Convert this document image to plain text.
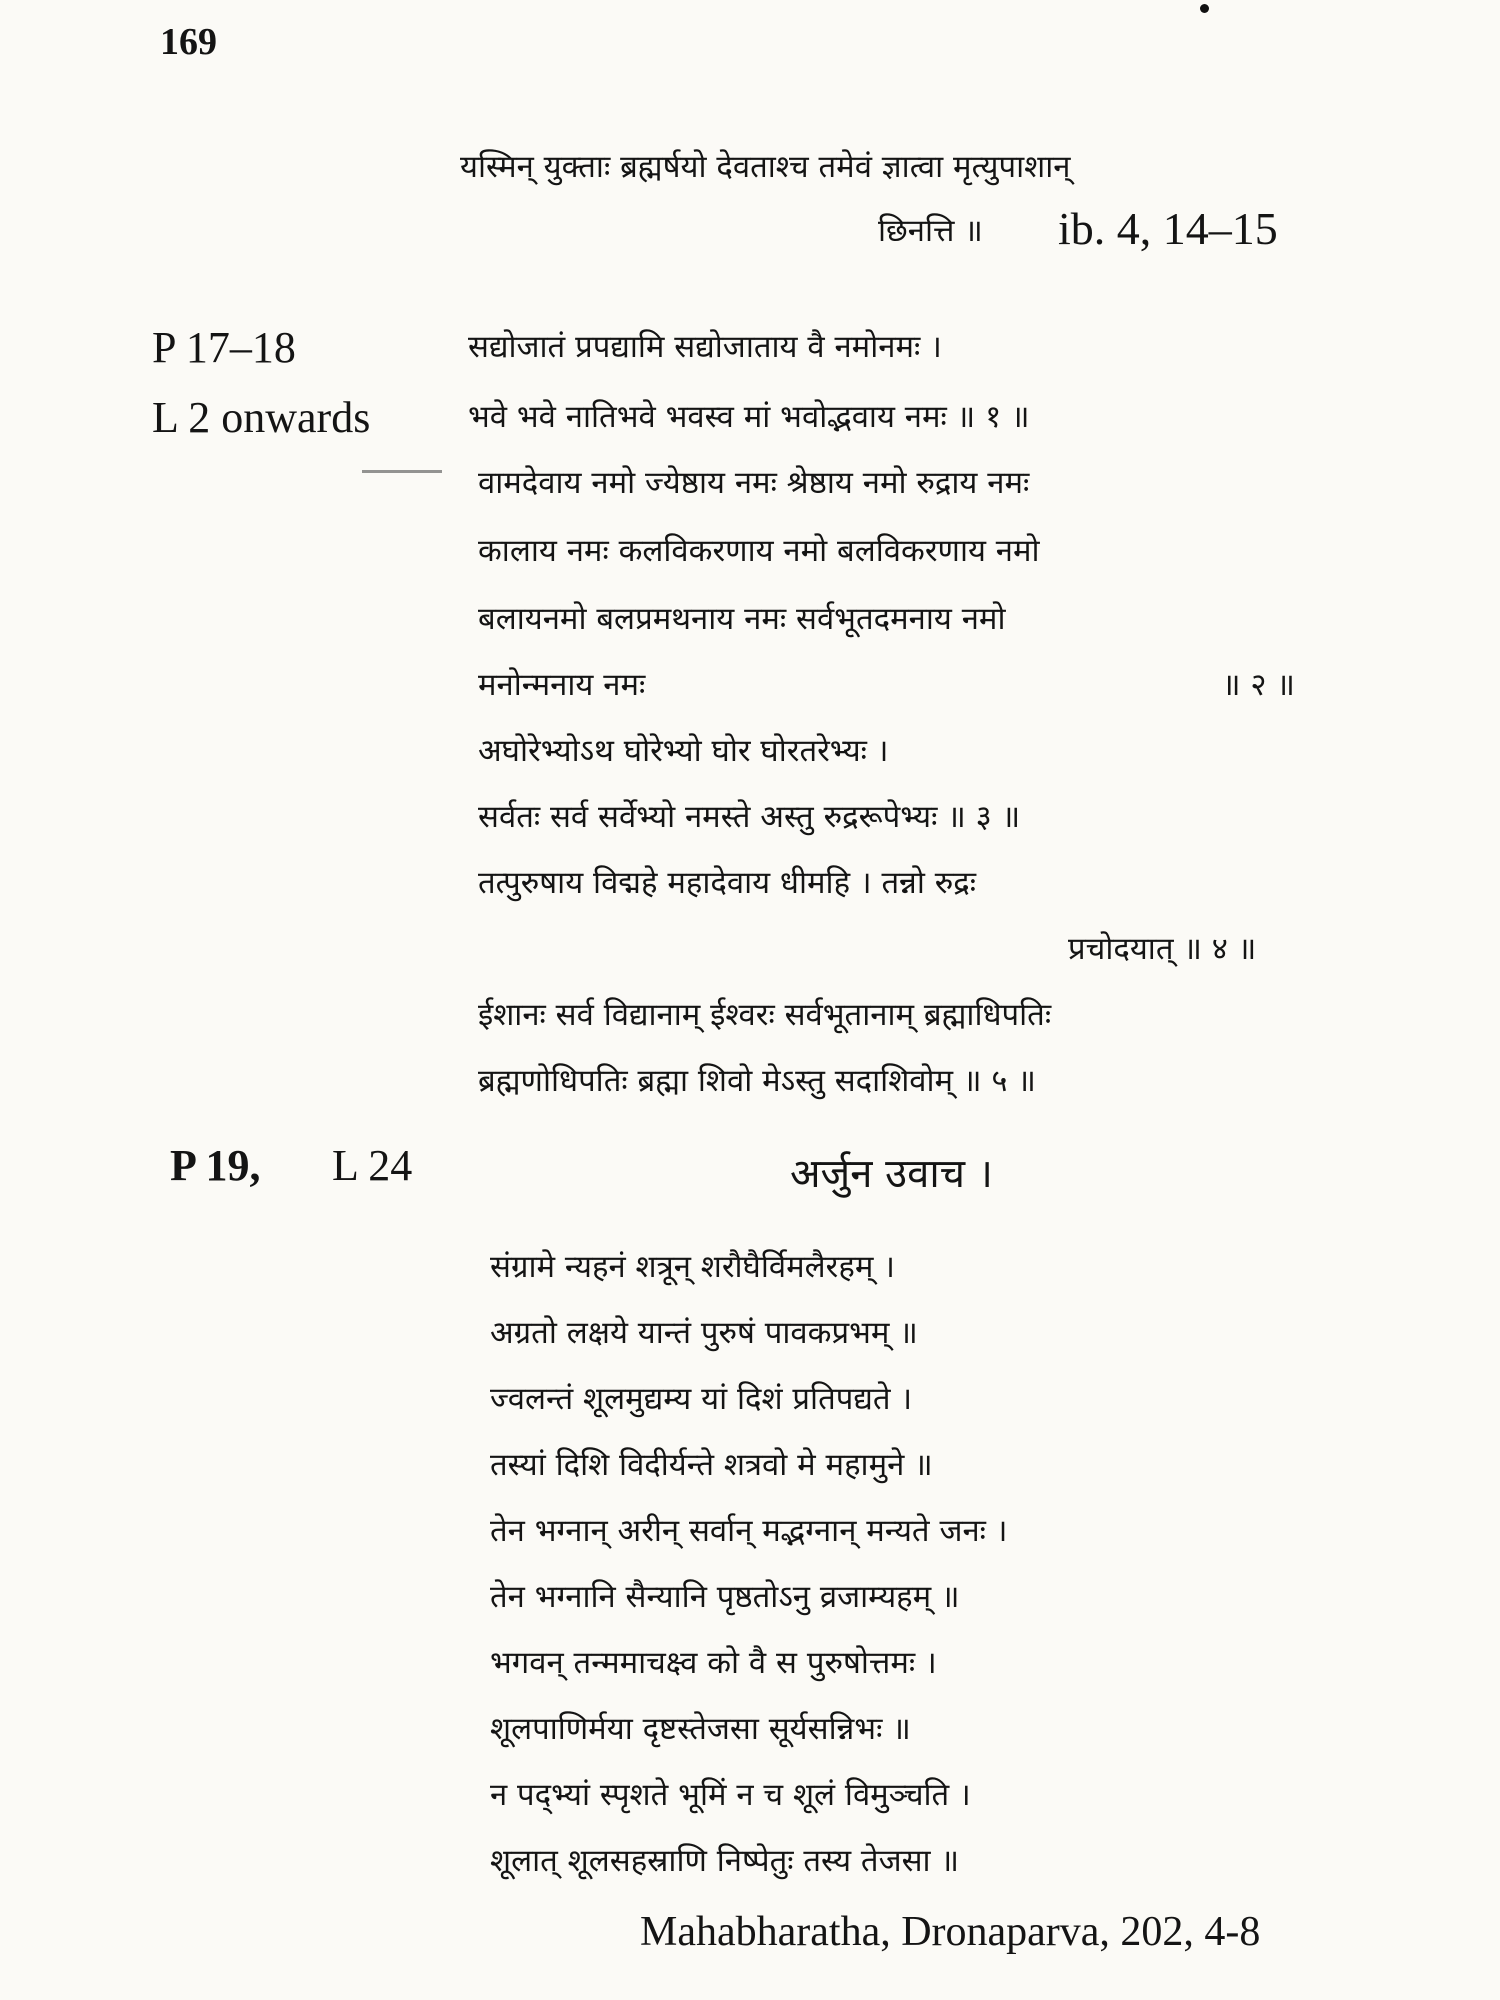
169
यस्मिन् युक्ताः ब्रह्मर्षयो देवताश्च तमेवं ज्ञात्वा मृत्युपाशान्
छिनत्ति ॥ ib. 4, 14–15
P 17–18
L 2 onwards
सद्योजातं प्रपद्यामि सद्योजाताय वै नमोनमः ।
भवे भवे नातिभवे भवस्व मां भवोद्भवाय नमः ॥ १ ॥
वामदेवाय नमो ज्येष्ठाय नमः श्रेष्ठाय नमो रुद्राय नमः
कालाय नमः कलविकरणाय नमो बलविकरणाय नमो
बलायनमो बलप्रमथनाय नमः सर्वभूतदमनाय नमो
मनोन्मनाय नमः	॥ २ ॥
अघोरेभ्योऽथ घोरेभ्यो घोर घोरतरेभ्यः ।
सर्वतः सर्व सर्वेभ्यो नमस्ते अस्तु रुद्ररूपेभ्यः ॥ ३ ॥
तत्पुरुषाय विद्महे महादेवाय धीमहि । तन्नो रुद्रः
प्रचोदयात् ॥ ४ ॥
ईशानः सर्व विद्यानाम् ईश्वरः सर्वभूतानाम् ब्रह्माधिपतिः
ब्रह्मणोधिपतिः ब्रह्मा शिवो मेऽस्तु सदाशिवोम् ॥ ५ ॥
P 19, L 24	अर्जुन उवाच ।
संग्रामे न्यहनं शत्रून् शरौघैर्विमलैरहम् ।
अग्रतो लक्षये यान्तं पुरुषं पावकप्रभम् ॥
ज्वलन्तं शूलमुद्यम्य यां दिशं प्रतिपद्यते ।
तस्यां दिशि विदीर्यन्ते शत्रवो मे महामुने ॥
तेन भग्नान् अरीन् सर्वान् मद्भग्नान् मन्यते जनः ।
तेन भग्नानि सैन्यानि पृष्ठतोऽनु व्रजाम्यहम् ॥
भगवन् तन्ममाचक्ष्व को वै स पुरुषोत्तमः ।
शूलपाणिर्मया दृष्टस्तेजसा सूर्यसन्निभः ॥
न पद्भ्यां स्पृशते भूमिं न च शूलं विमुञ्चति ।
शूलात् शूलसहस्राणि निष्पेतुः तस्य तेजसा ॥
Mahabharatha, Dronaparva, 202, 4-8
